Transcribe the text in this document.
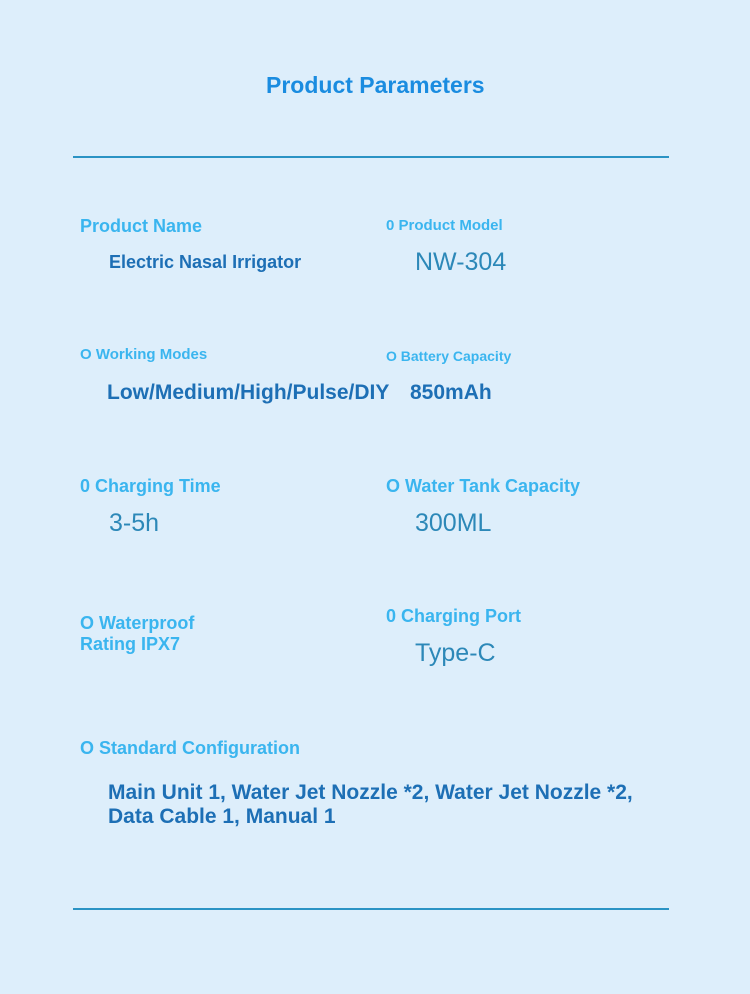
Product Parameters

Product Name

Electric Nasal Irrigator

0 Product Model

NW-304

O Working Modes

Low/Medium/High/Pulse/DIY

O Battery Capacity

850mAh

0 Charging Time

3-5h

O Water Tank Capacity

300ML

O Waterproof Rating IPX7

0 Charging Port

Type-C

O Standard Configuration

Main Unit 1, Water Jet Nozzle *2, Water Jet Nozzle *2, Data Cable 1, Manual 1
